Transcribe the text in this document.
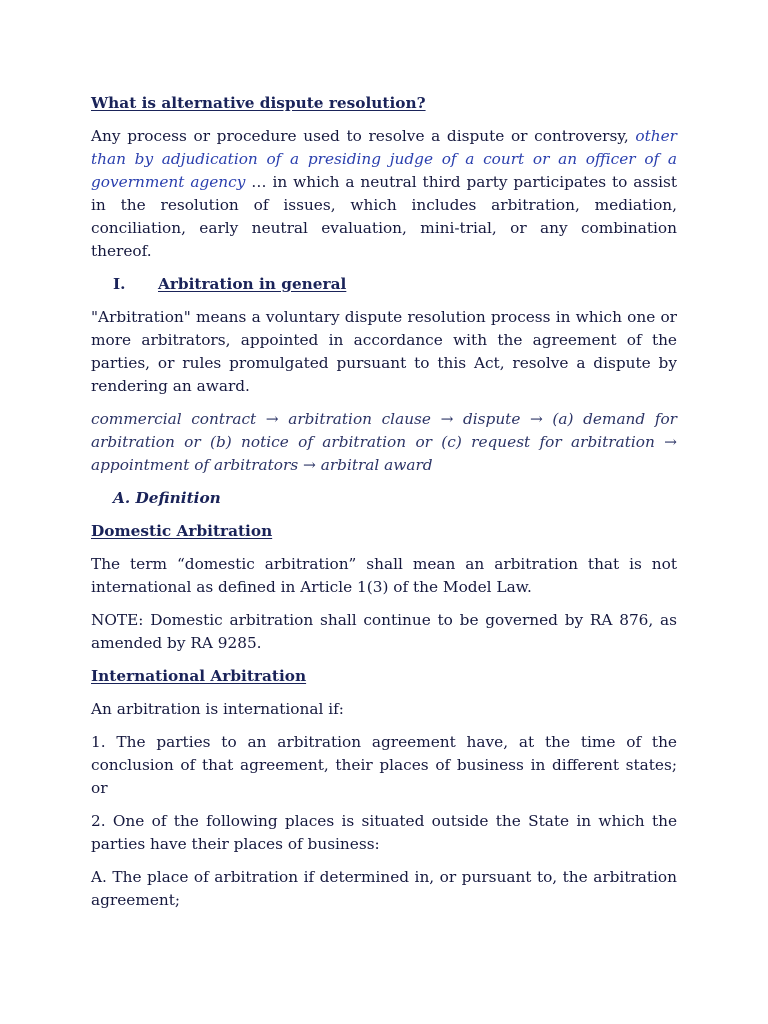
What is alternative dispute resolution?

Any process or procedure used to resolve a dispute or controversy, other than by adjudication of a presiding judge of a court or an officer of a government agency … in which a neutral third party participates to assist in the resolution of issues, which includes arbitration, mediation, conciliation, early neutral evaluation, mini-trial, or any combination thereof.

I.	Arbitration in general

"Arbitration" means a voluntary dispute resolution process in which one or more arbitrators, appointed in accordance with the agreement of the parties, or rules promulgated pursuant to this Act, resolve a dispute by rendering an award.

commercial contract → arbitration clause → dispute → (a) demand for arbitration or (b) notice of arbitration or (c) request for arbitration → appointment of arbitrators → arbitral award

A. Definition
Domestic Arbitration

The term “domestic arbitration” shall mean an arbitration that is not international as defined in Article 1(3) of the Model Law.

NOTE: Domestic arbitration shall continue to be governed by RA 876, as amended by RA 9285.

International Arbitration

An arbitration is international if:

1. The parties to an arbitration agreement have, at the time of the conclusion of that agreement, their places of business in different states; or

2. One of the following places is situated outside the State in which the parties have their places of business:

A. The place of arbitration if determined in, or pursuant to, the arbitration agreement;
